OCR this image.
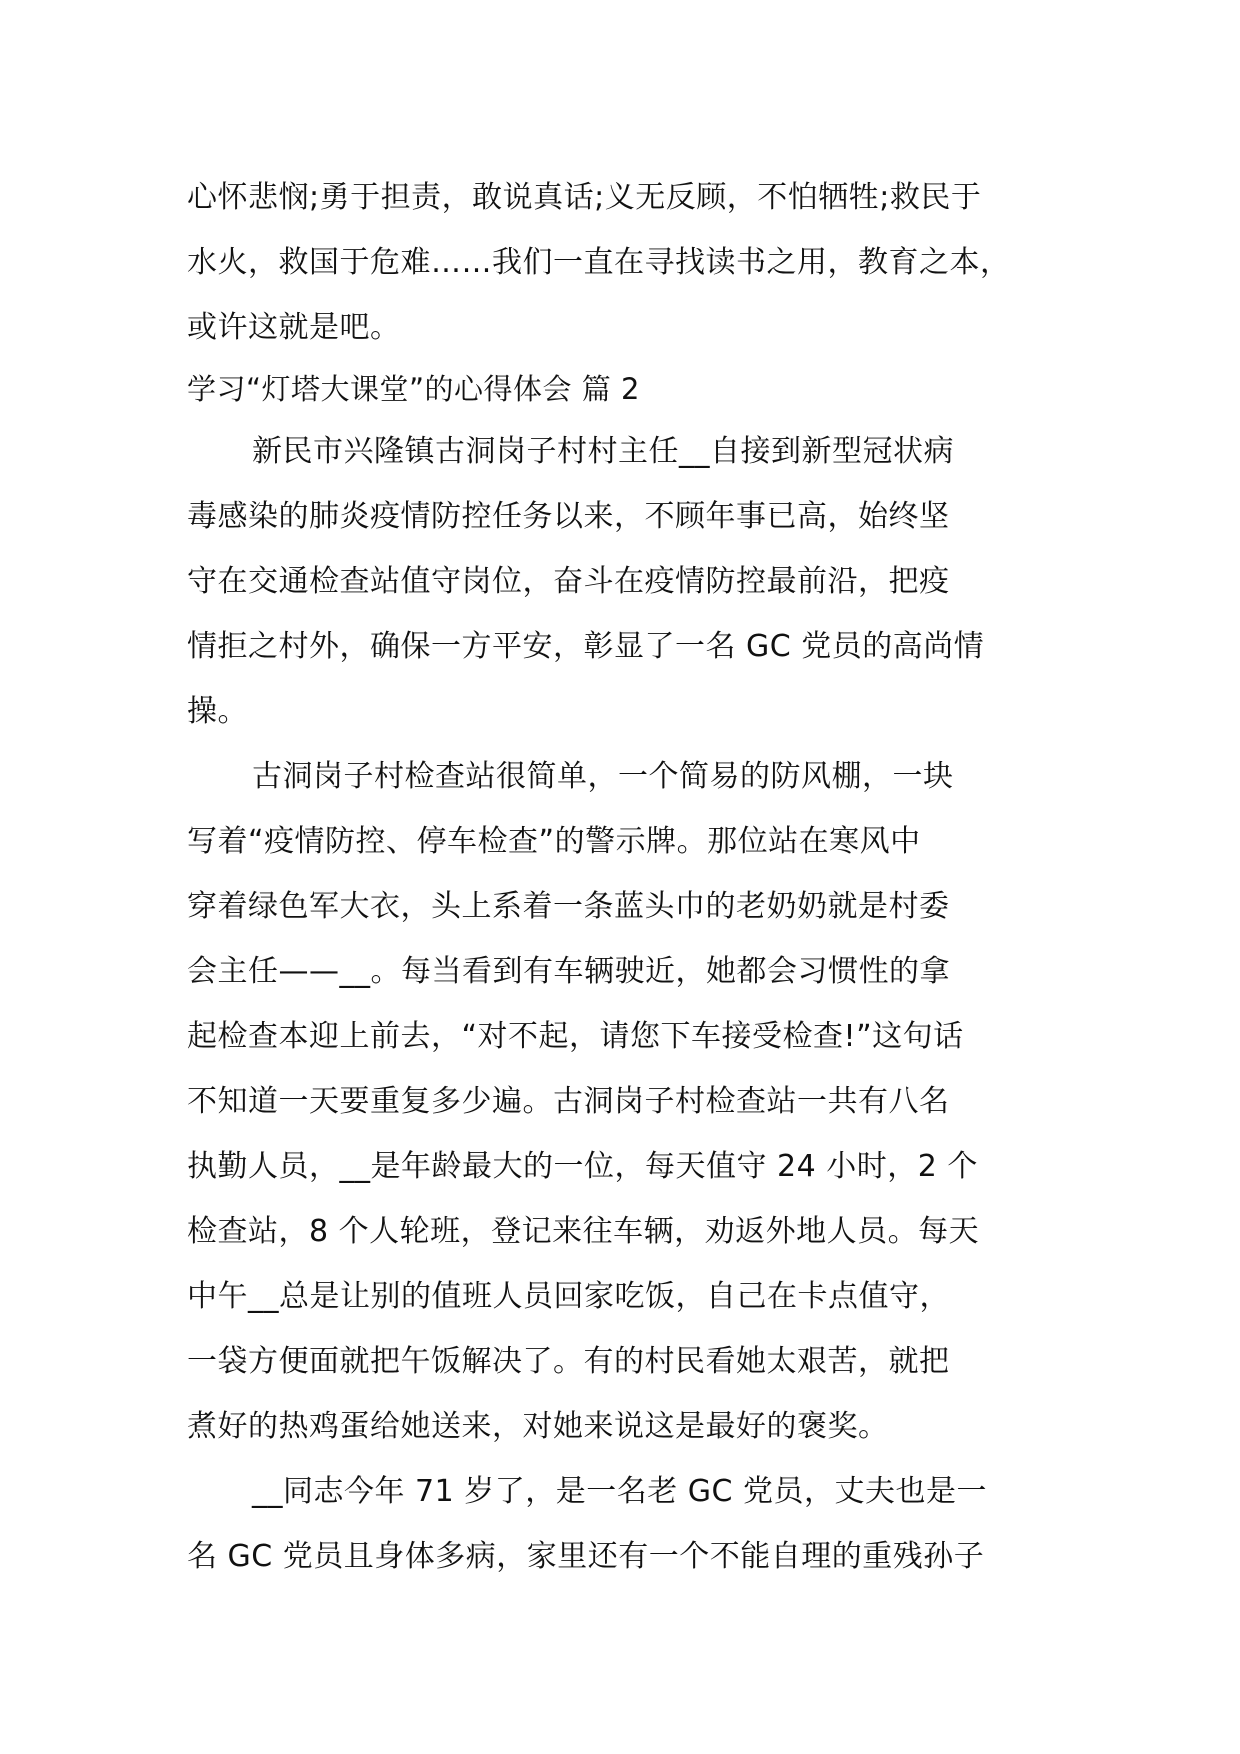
心怀悲悯;勇于担责，敢说真话;义无反顾，不怕牺牲;救民于
水火，救国于危难……我们一直在寻找读书之用，教育之本，
或许这就是吧。
学习“灯塔大课堂”的心得体会 篇 2
新民市兴隆镇古洞岗子村村主任__自接到新型冠状病
毒感染的肺炎疫情防控任务以来，不顾年事已高，始终坚
守在交通检查站值守岗位，奋斗在疫情防控最前沿，把疫
情拒之村外，确保一方平安，彰显了一名 GC 党员的高尚情
操。
古洞岗子村检查站很简单，一个简易的防风棚，一块
写着“疫情防控、停车检查”的警示牌。那位站在寒风中
穿着绿色军大衣，头上系着一条蓝头巾的老奶奶就是村委
会主任——__。每当看到有车辆驶近，她都会习惯性的拿
起检查本迎上前去，“对不起，请您下车接受检查!”这句话
不知道一天要重复多少遍。古洞岗子村检查站一共有八名
执勤人员，__是年龄最大的一位，每天值守 24 小时，2 个
检查站，8 个人轮班，登记来往车辆，劝返外地人员。每天
中午__总是让别的值班人员回家吃饭，自己在卡点值守，
一袋方便面就把午饭解决了。有的村民看她太艰苦，就把
煮好的热鸡蛋给她送来，对她来说这是最好的褒奖。
__同志今年 71 岁了，是一名老 GC 党员，丈夫也是一
名 GC 党员且身体多病，家里还有一个不能自理的重残孙子
